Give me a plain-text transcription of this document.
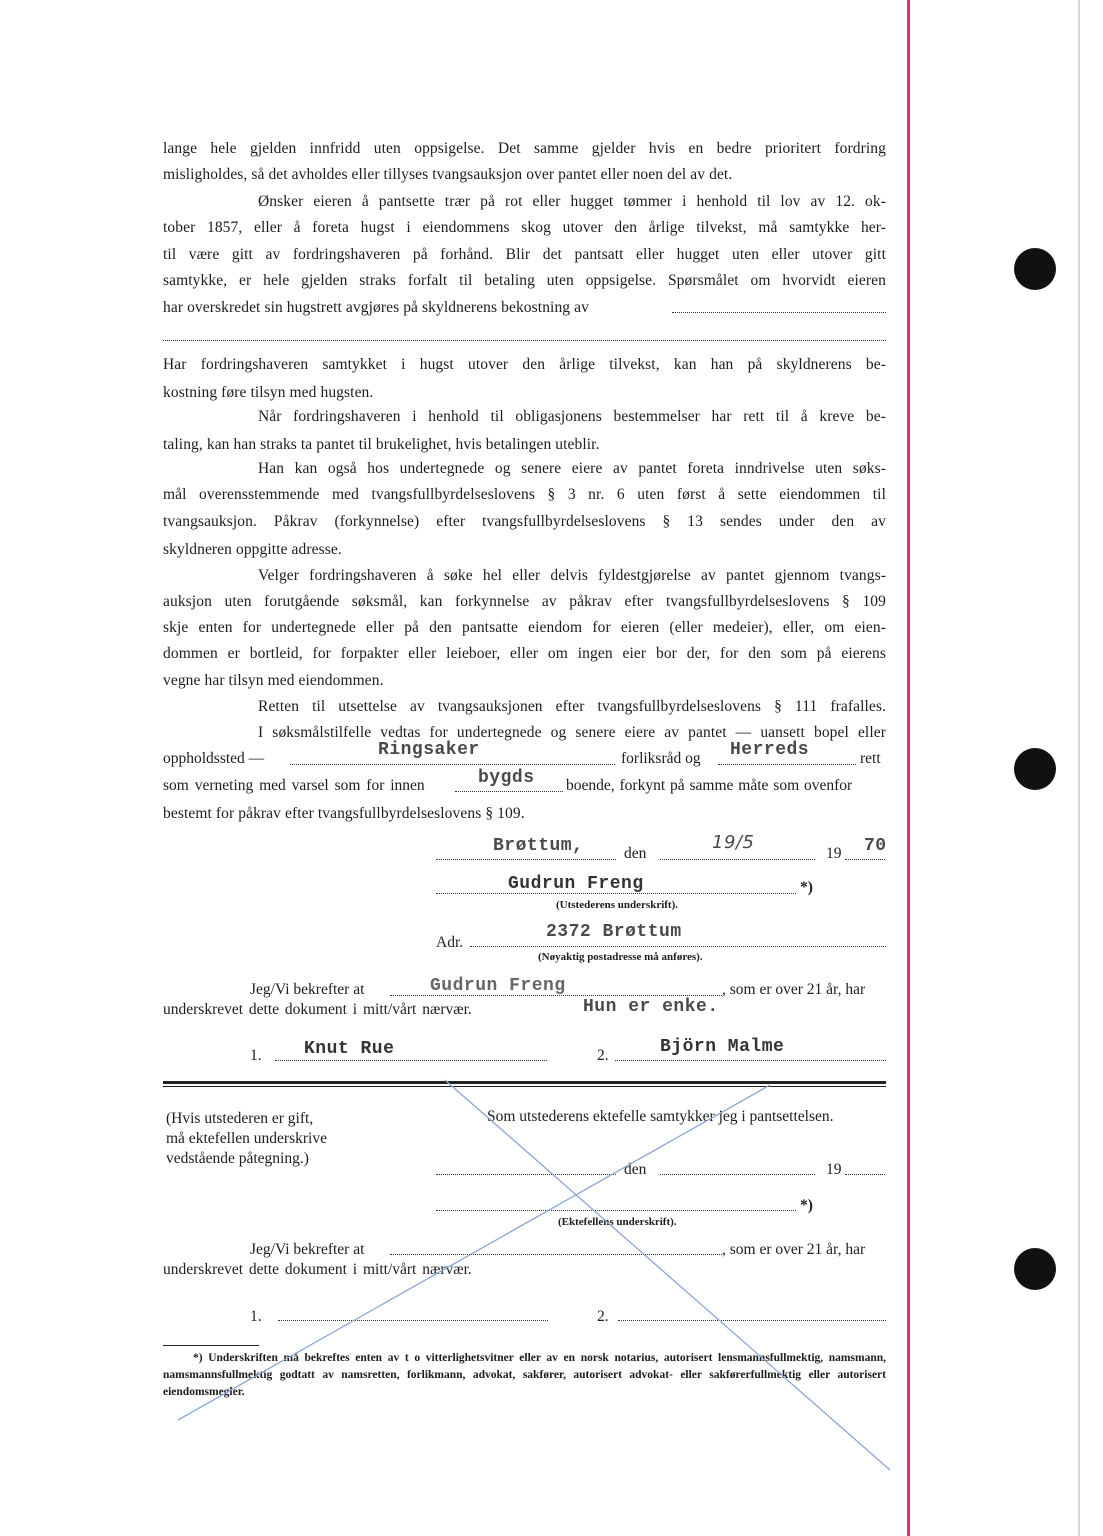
lange hele gjelden innfridd uten oppsigelse. Det samme gjelder hvis en bedre prioritert fordring
misligholdes, så det avholdes eller tillyses tvangsauksjon over pantet eller noen del av det.
Ønsker eieren å pantsette trær på rot eller hugget tømmer i henhold til lov av 12. ok-
tober 1857, eller å foreta hugst i eiendommens skog utover den årlige tilvekst, må samtykke her-
til være gitt av fordringshaveren på forhånd. Blir det pantsatt eller hugget uten eller utover gitt
samtykke, er hele gjelden straks forfalt til betaling uten oppsigelse. Spørsmålet om hvorvidt eieren
har overskredet sin hugstrett avgjøres på skyldnerens bekostning av
Har fordringshaveren samtykket i hugst utover den årlige tilvekst, kan han på skyldnerens be-
kostning føre tilsyn med hugsten.
Når fordringshaveren i henhold til obligasjonens bestemmelser har rett til å kreve be-
taling, kan han straks ta pantet til brukelighet, hvis betalingen uteblir.
Han kan også hos undertegnede og senere eiere av pantet foreta inndrivelse uten søks-
mål overensstemmende med tvangsfullbyrdelseslovens § 3 nr. 6 uten først å sette eiendommen til
tvangsauksjon. Påkrav (forkynnelse) efter tvangsfullbyrdelseslovens § 13 sendes under den av
skyldneren oppgitte adresse.
Velger fordringshaveren å søke hel eller delvis fyldestgjørelse av pantet gjennom tvangs-
auksjon uten forutgående søksmål, kan forkynnelse av påkrav efter tvangsfullbyrdelseslovens § 109
skje enten for undertegnede eller på den pantsatte eiendom for eieren (eller medeier), eller, om eien-
dommen er bortleid, for forpakter eller leieboer, eller om ingen eier bor der, for den som på eierens
vegne har tilsyn med eiendommen.
Retten til utsettelse av tvangsauksjonen efter tvangsfullbyrdelseslovens § 111 frafalles.
I søksmålstilfelle vedtas for undertegnede og senere eiere av pantet — uansett bopel eller
bestemt for påkrav efter tvangsfullbyrdelseslovens § 109.
oppholdssted —	Ringsaker	forliksråd og Herreds	rett
som verneting med varsel som for innen	bygds boende, forkynt på samme måte som ovenfor
Brøttum,	den
19/5
19 70
Gudrun Freng	*)
(Utstederens underskrift).
Adr.
2372 Brøttum
(Nøyaktig postadresse må anføres).
Jeg/Vi bekrefter at	Gudrun Freng	, som er over 21 år, har
underskrevet dette dokument i mitt/vårt nærvær.	Hun er enke.
1. Knut Rue	2.	Björn Malme
(Hvis utstederen er gift,
må ektefellen underskrive
vedstående påtegning.)
Som utstederens ektefelle samtykker jeg i pantsettelsen.
den	19
*)
(Ektefellens underskrift).
Jeg/Vi bekrefter at	, som er over 21 år, har
underskrevet dette dokument i mitt/vårt nærvær.
1.	2.
*) Underskriften må bekreftes enten av t o vitterlighetsvitner eller av en norsk notarius, autorisert lensmannsfullmektig, namsmann, namsmannsfullmektig godtatt av namsretten, forlikmann, advokat, sakfører, autorisert advokat- eller sakførerfullmektig eller autorisert eiendomsmegler.
